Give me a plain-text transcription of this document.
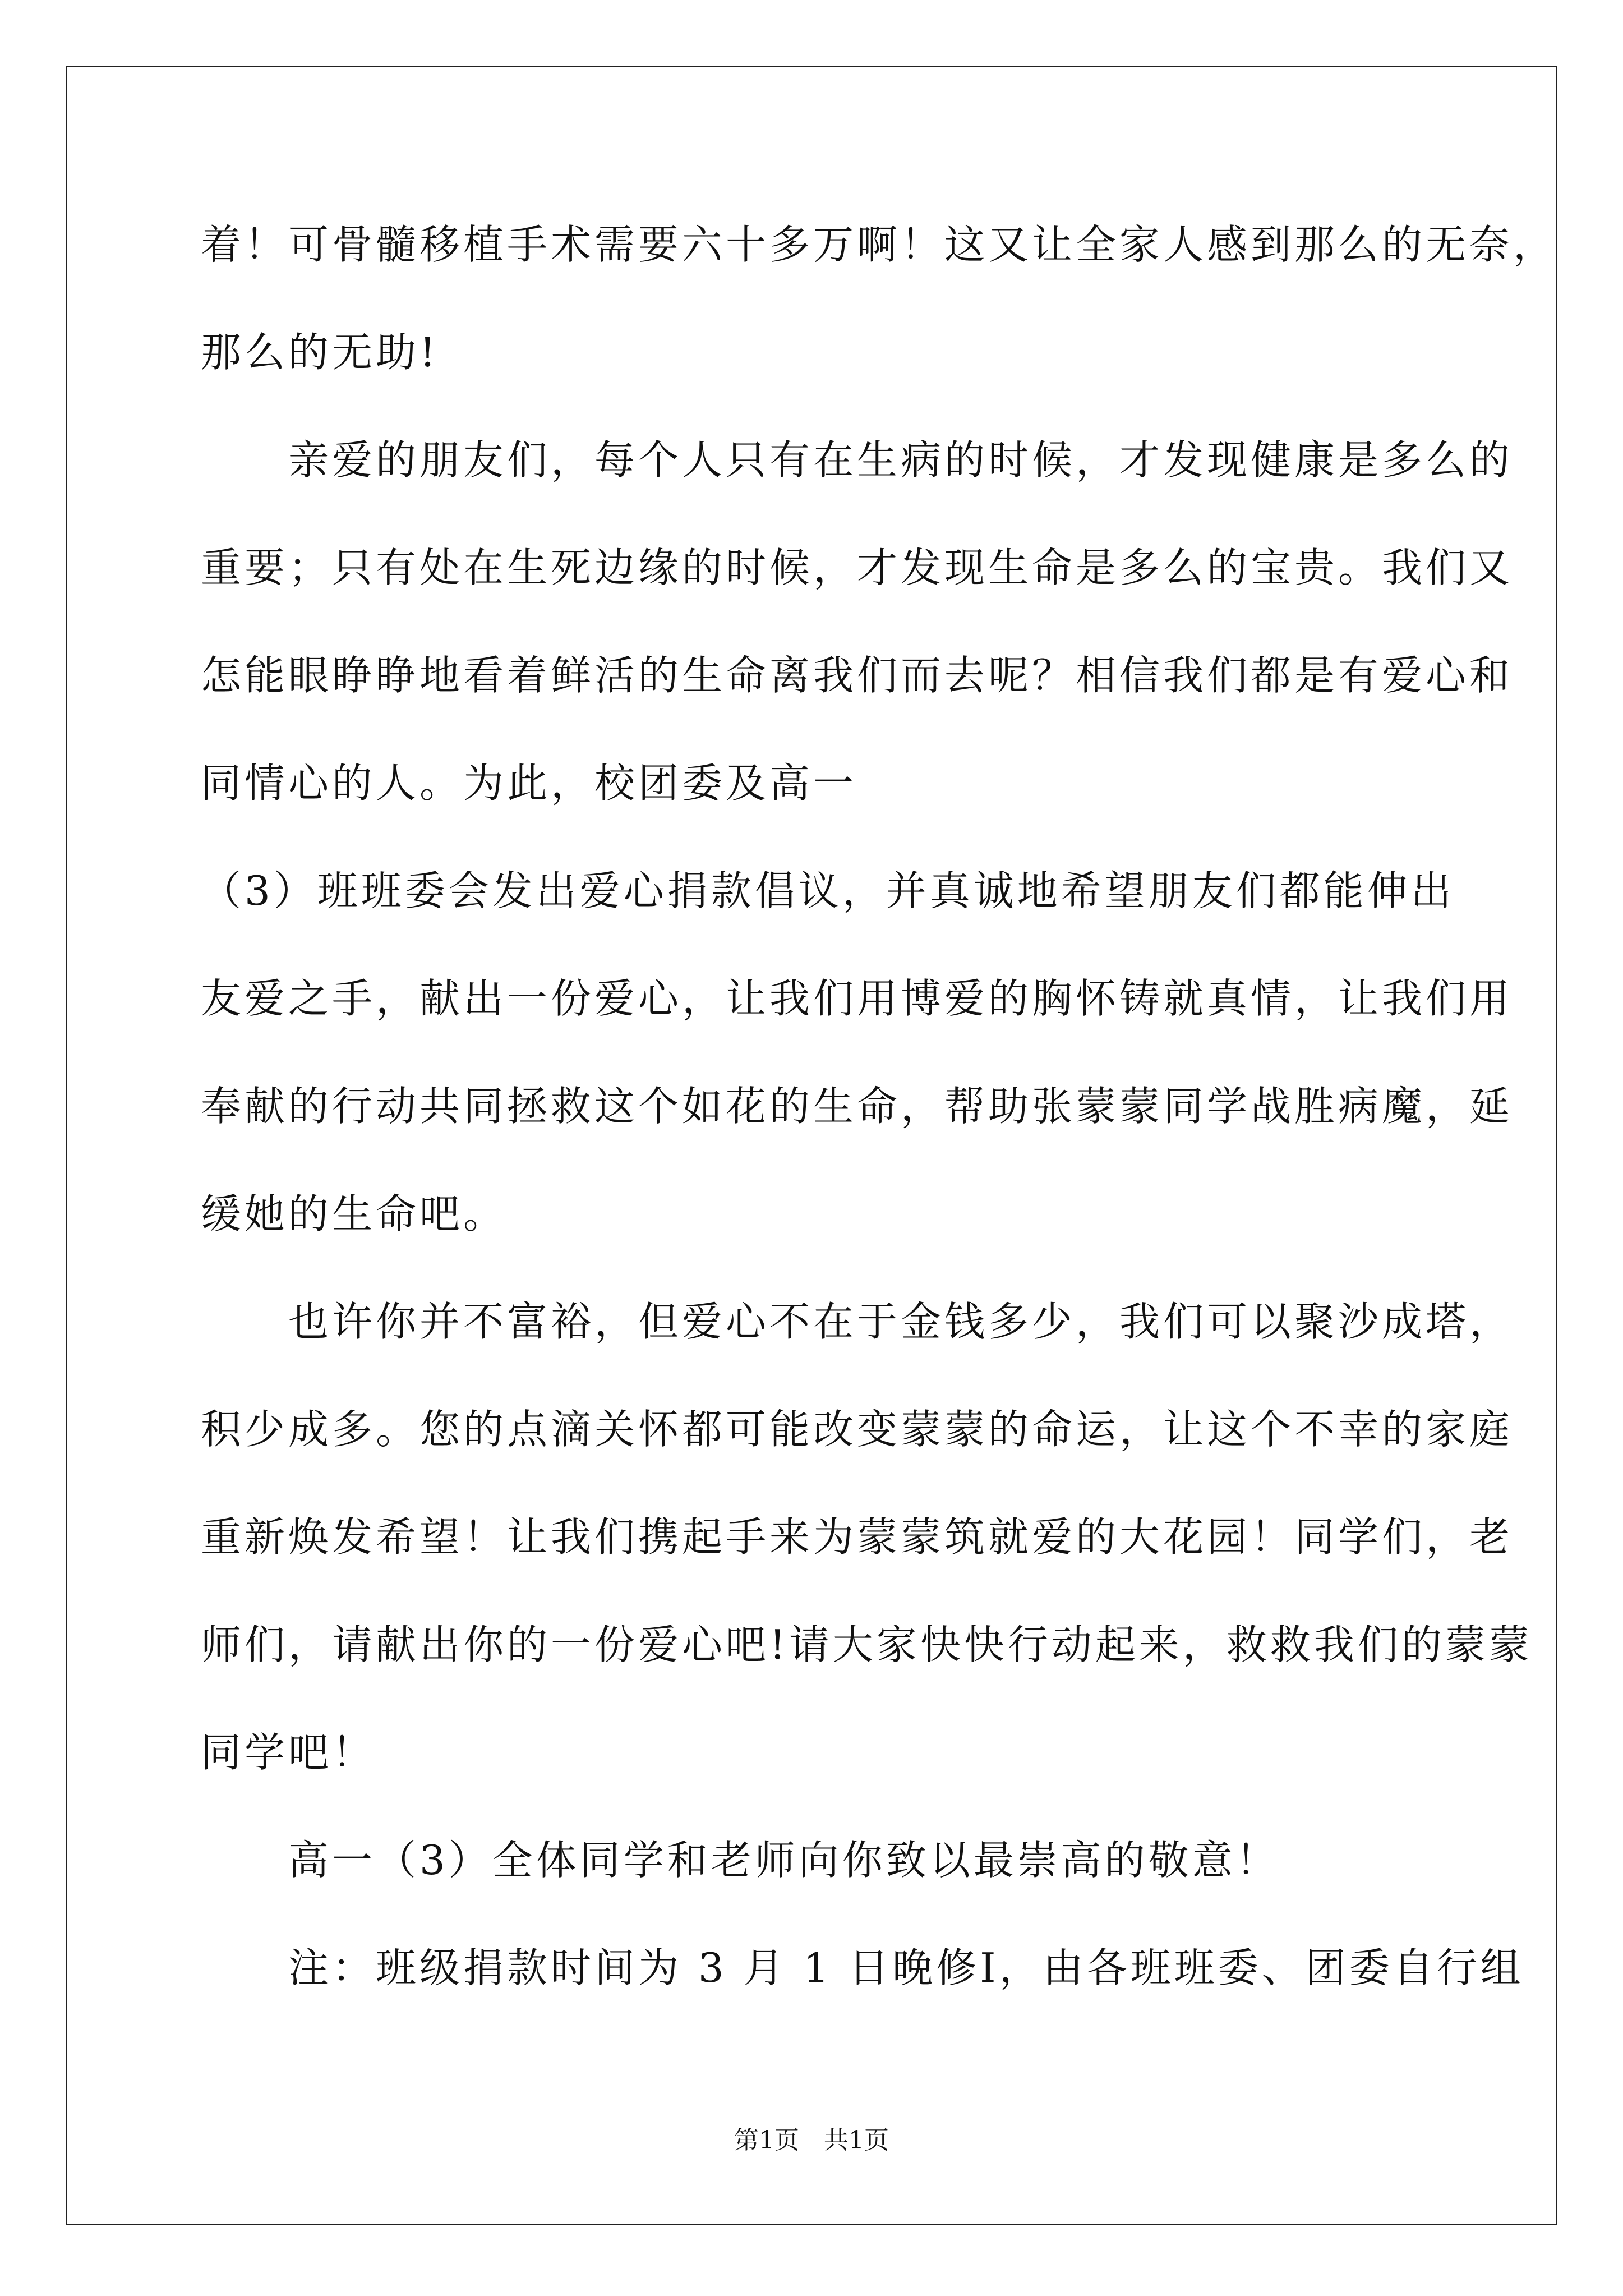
着！可骨髓移植手术需要六十多万啊！这又让全家人感到那么的无奈，
那么的无助!
　　亲爱的朋友们，每个人只有在生病的时候，才发现健康是多么的
重要；只有处在生死边缘的时候，才发现生命是多么的宝贵。我们又
怎能眼睁睁地看着鲜活的生命离我们而去呢？相信我们都是有爱心和
同情心的人。为此，校团委及高一
（3）班班委会发出爱心捐款倡议，并真诚地希望朋友们都能伸出
友爱之手，献出一份爱心，让我们用博爱的胸怀铸就真情，让我们用
奉献的行动共同拯救这个如花的生命，帮助张蒙蒙同学战胜病魔，延
缓她的生命吧。
　　也许你并不富裕，但爱心不在于金钱多少，我们可以聚沙成塔，
积少成多。您的点滴关怀都可能改变蒙蒙的命运，让这个不幸的家庭
重新焕发希望！让我们携起手来为蒙蒙筑就爱的大花园！同学们，老
师们，请献出你的一份爱心吧!请大家快快行动起来，救救我们的蒙蒙
同学吧！
　　高一（3）全体同学和老师向你致以最崇高的敬意！
　　注：班级捐款时间为 3 月 1 日晚修Ⅰ，由各班班委、团委自行组
第1页　共1页
